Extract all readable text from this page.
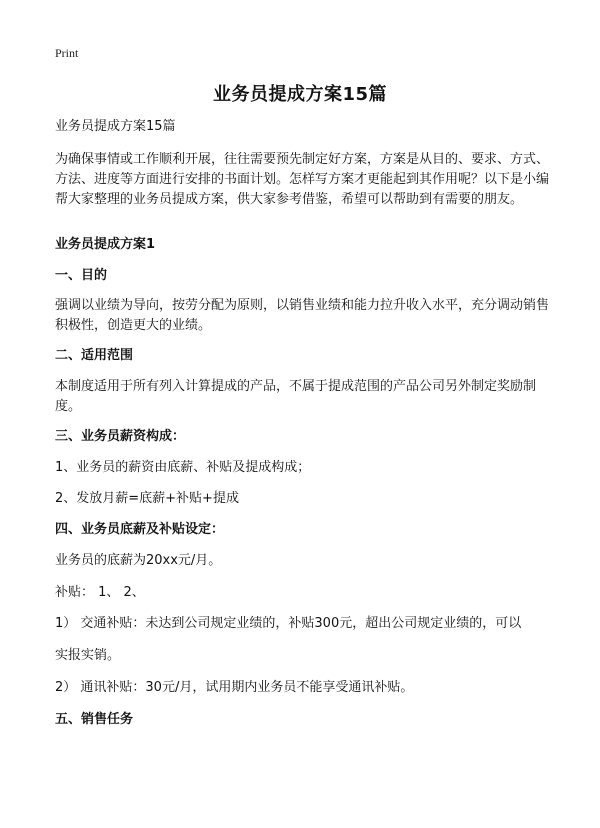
Print
业务员提成方案15篇
业务员提成方案15篇
为确保事情或工作顺利开展，往往需要预先制定好方案，方案是从目的、要求、方式、方法、进度等方面进行安排的书面计划。怎样写方案才更能起到其作用呢？以下是小编帮大家整理的业务员提成方案，供大家参考借鉴，希望可以帮助到有需要的朋友。
业务员提成方案1
一、目的
强调以业绩为导向，按劳分配为原则，以销售业绩和能力拉升收入水平，充分调动销售积极性，创造更大的业绩。
二、适用范围
本制度适用于所有列入计算提成的产品，不属于提成范围的产品公司另外制定奖励制度。
三、业务员薪资构成：
1、业务员的薪资由底薪、补贴及提成构成；
2、发放月薪=底薪+补贴+提成
四、业务员底薪及补贴设定：
业务员的底薪为20xx元/月。
补贴： 1、 2、
1） 交通补贴：未达到公司规定业绩的，补贴300元，超出公司规定业绩的，可以
实报实销。
2） 通讯补贴：30元/月，试用期内业务员不能享受通讯补贴。
五、销售任务
